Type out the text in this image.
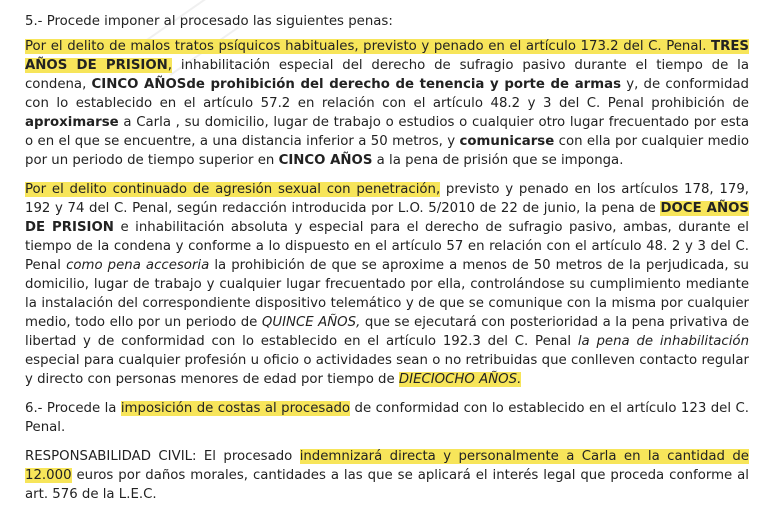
5.- Procede imponer al procesado las siguientes penas:

Por el delito de malos tratos psíquicos habituales, previsto y penado en el artículo 173.2 del C. Penal. TRES AÑOS DE PRISION, inhabilitación especial del derecho de sufragio pasivo durante el tiempo de la condena, CINCO AÑOSde prohibición del derecho de tenencia y porte de armas y, de conformidad con lo establecido en el artículo 57.2 en relación con el artículo 48.2 y 3 del C. Penal prohibición de aproximarse a Carla , su domicilio, lugar de trabajo o estudios o cualquier otro lugar frecuentado por esta o en el que se encuentre, a una distancia inferior a 50 metros, y comunicarse con ella por cualquier medio por un periodo de tiempo superior en CINCO AÑOS a la pena de prisión que se imponga.

Por el delito continuado de agresión sexual con penetración, previsto y penado en los artículos 178, 179, 192 y 74 del C. Penal, según redacción introducida por L.O. 5/2010 de 22 de junio, la pena de DOCE AÑOS DE PRISION e inhabilitación absoluta y especial para el derecho de sufragio pasivo, ambas, durante el tiempo de la condena y conforme a lo dispuesto en el artículo 57 en relación con el artículo 48. 2 y 3 del C. Penal como pena accesoria la prohibición de que se aproxime a menos de 50 metros de la perjudicada, su domicilio, lugar de trabajo y cualquier lugar frecuentado por ella, controlándose su cumplimiento mediante la instalación del correspondiente dispositivo telemático y de que se comunique con la misma por cualquier medio, todo ello por un periodo de QUINCE AÑOS, que se ejecutará con posterioridad a la pena privativa de libertad y de conformidad con lo establecido en el artículo 192.3 del C. Penal la pena de inhabilitación especial para cualquier profesión u oficio o actividades sean o no retribuidas que conlleven contacto regular y directo con personas menores de edad por tiempo de DIECIOCHO AÑOS.

6.- Procede la imposición de costas al procesado de conformidad con lo establecido en el artículo 123 del C. Penal.

RESPONSABILIDAD CIVIL: El procesado indemnizará directa y personalmente a Carla en la cantidad de 12.000 euros por daños morales, cantidades a las que se aplicará el interés legal que proceda conforme al art. 576 de la L.E.C.
